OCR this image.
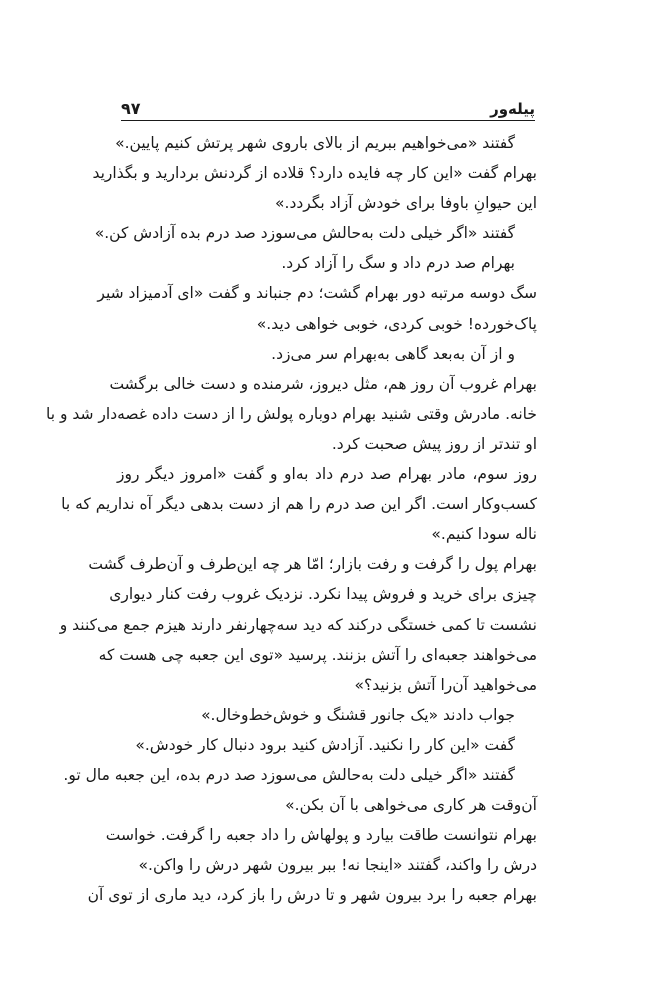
پیله‌ور
۹۷
گفتند «می‌خواهیم ببریم از بالای باروی شهر پرتش کنیم پایین.»
بهرام گفت «این کار چه فایده دارد؟ قلاده از گردنش بردارید و بگذارید
این حیوانِ باوفا برای خودش آزاد بگردد.»
گفتند «اگر خیلی دلت به‌حالش می‌سوزد صد درم بده آزادش کن.»
بهرام صد درم داد و سگ را آزاد کرد.
سگ دوسه مرتبه دور بهرام گشت؛ دم جنباند و گفت «ای آدمیزاد شیر
پاک‌خورده! خوبی کردی، خوبی خواهی دید.»
و از آن به‌بعد گاهی به‌بهرام سر می‌زد.
بهرام غروب آن روز هم، مثل دیروز، شرمنده و دست خالی برگشت
خانه. مادرش وقتی شنید بهرام دوباره پولش را از دست داده غصه‌دار شد و با
او تندتر از روز پیش صحبت کرد.
روز سوم، مادر بهرام صد درم داد به‌او و گفت «امروز دیگر روز
کسب‌وکار است. اگر این صد درم را هم از دست بدهی دیگر آه نداریم که با
ناله سودا کنیم.»
بهرام پول را گرفت و رفت بازار؛ امّا هر چه این‌طرف و آن‌طرف گشت
چیزی برای خرید و فروش پیدا نکرد. نزدیک غروب رفت کنار دیواری
نشست تا کمی خستگی درکند که دید سه‌چهارنفر دارند هیزم جمع می‌کنند و
می‌خواهند جعبه‌ای را آتش بزنند. پرسید «توی این جعبه چی هست که
می‌خواهید آن‌را آتش بزنید؟»
جواب دادند «یک جانور قشنگ و خوش‌خط‌وخال.»
گفت «این کار را نکنید. آزادش کنید برود دنبال کار خودش.»
گفتند «اگر خیلی دلت به‌حالش می‌سوزد صد درم بده، این جعبه مال تو.
آن‌وقت هر کاری می‌خواهی با آن بکن.»
بهرام نتوانست طاقت بیارد و پولهاش را داد جعبه را گرفت. خواست
درش را واکند، گفتند «اینجا نه! ببر بیرون شهر درش را واکن.»
بهرام جعبه را برد بیرون شهر و تا درش را باز کرد، دید ماری از توی آن
